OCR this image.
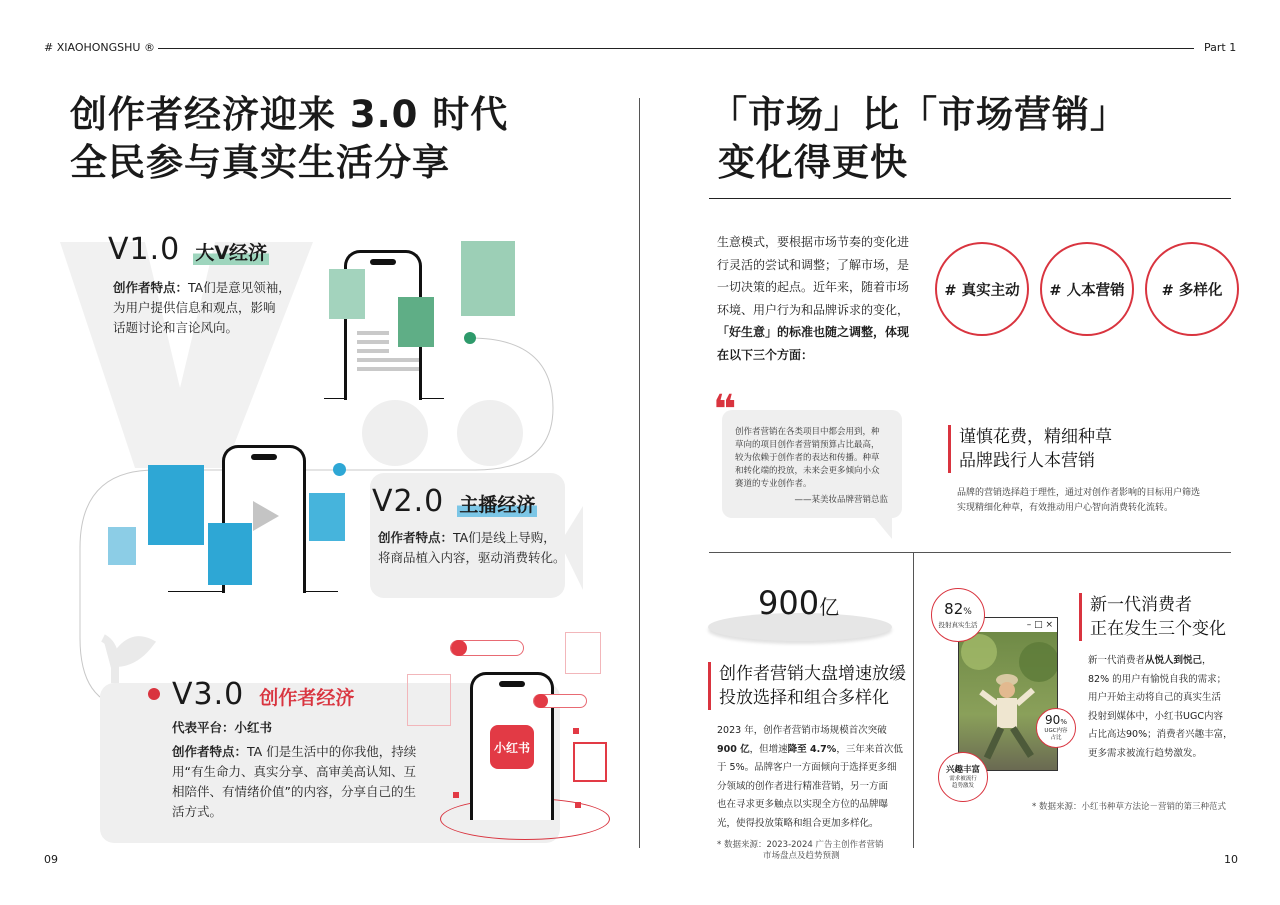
# XIAOHONGSHU ®	Part 1
创作者经济迎来 3.0 时代
全民参与真实生活分享
V1.0 大V经济
创作者特点：TA们是意见领袖，
为用户提供信息和观点，影响
话题讨论和言论风向。
V2.0 主播经济
创作者特点：TA们是线上导购，
将商品植入内容，驱动消费转化。
V3.0 创作者经济
代表平台：小红书
创作者特点：TA 们是生活中的你我他，持续
用“有生命力、真实分享、高审美高认知、互
相陪伴、有情绪价值”的内容，分享自己的生
活方式。
小红书
09
「市场」比「市场营销」
变化得更快
生意模式，要根据市场节奏的变化进
行灵活的尝试和调整；了解市场，是
一切决策的起点。近年来，随着市场
环境、用户行为和品牌诉求的变化，
「好生意」的标准也随之调整，体现
在以下三个方面：
# 真实主动	# 人本营销	# 多样化
❝
创作者营销在各类项目中都会用到，种
草向的项目创作者营销预算占比最高，
较为依赖于创作者的表达和传播。种草
和转化端的投放，未来会更多倾向小众
赛道的专业创作者。
——某美妆品牌营销总监
谨慎花费，精细种草
品牌践行人本营销
品牌的营销选择趋于理性，通过对创作者影响的目标用户筛选
实现精细化种草，有效推动用户心智向消费转化流转。
900亿
创作者营销大盘增速放缓
投放选择和组合多样化
2023 年，创作者营销市场规模首次突破
900 亿，但增速降至 4.7%，三年来首次低
于 5%。品牌客户一方面倾向于选择更多细
分领域的创作者进行精准营销，另一方面
也在寻求更多触点以实现全方位的品牌曝
光，使得投放策略和组合更加多样化。
* 数据来源：2023-2024 广告主创作者营销
市场盘点及趋势预测
– □ ×
82%
投射真实生活
90%
UGC内容
占比
兴趣丰富
需求被流行
趋势激发
新一代消费者
正在发生三个变化
新一代消费者从悦人到悦己，
82% 的用户有愉悦自我的需求；
用户开始主动将自己的真实生活
投射到媒体中，小红书UGC内容
占比高达90%；消费者兴趣丰富，
更多需求被流行趋势激发。
* 数据来源：小红书种草方法论－营销的第三种范式
10
